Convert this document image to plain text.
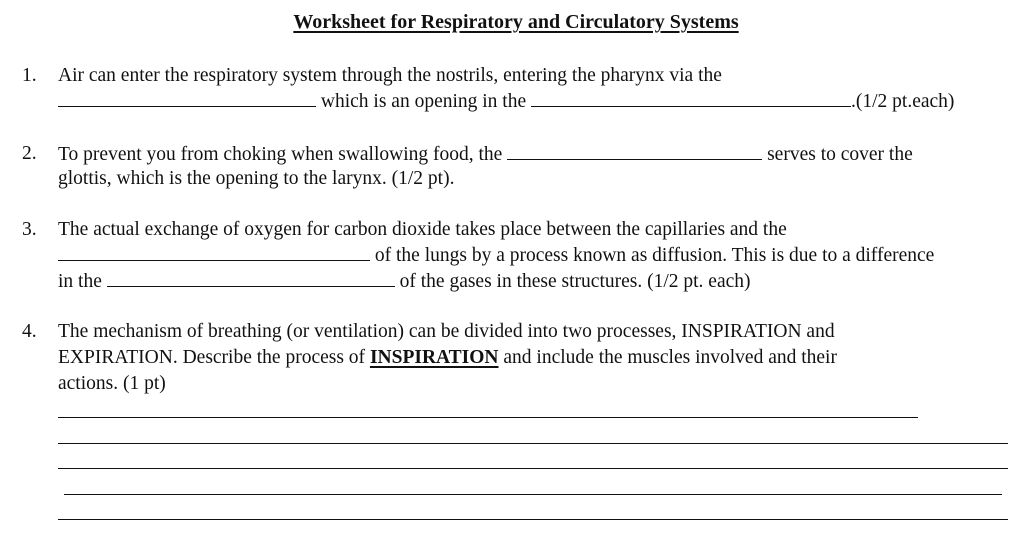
Worksheet for Respiratory and Circulatory Systems
1. Air can enter the respiratory system through the nostrils, entering the pharynx via the
which is an opening in the	.(1/2 pt.each)
2. To prevent you from choking when swallowing food, the	serves to cover the
glottis, which is the opening to the larynx. (1/2 pt).
3. The actual exchange of oxygen for carbon dioxide takes place between the capillaries and the
of the lungs by a process known as diffusion. This is due to a difference
in the	of the gases in these structures. (1/2 pt. each)
4. The mechanism of breathing (or ventilation) can be divided into two processes, INSPIRATION and
EXPIRATION. Describe the process of INSPIRATION and include the muscles involved and their
actions. (1 pt)
